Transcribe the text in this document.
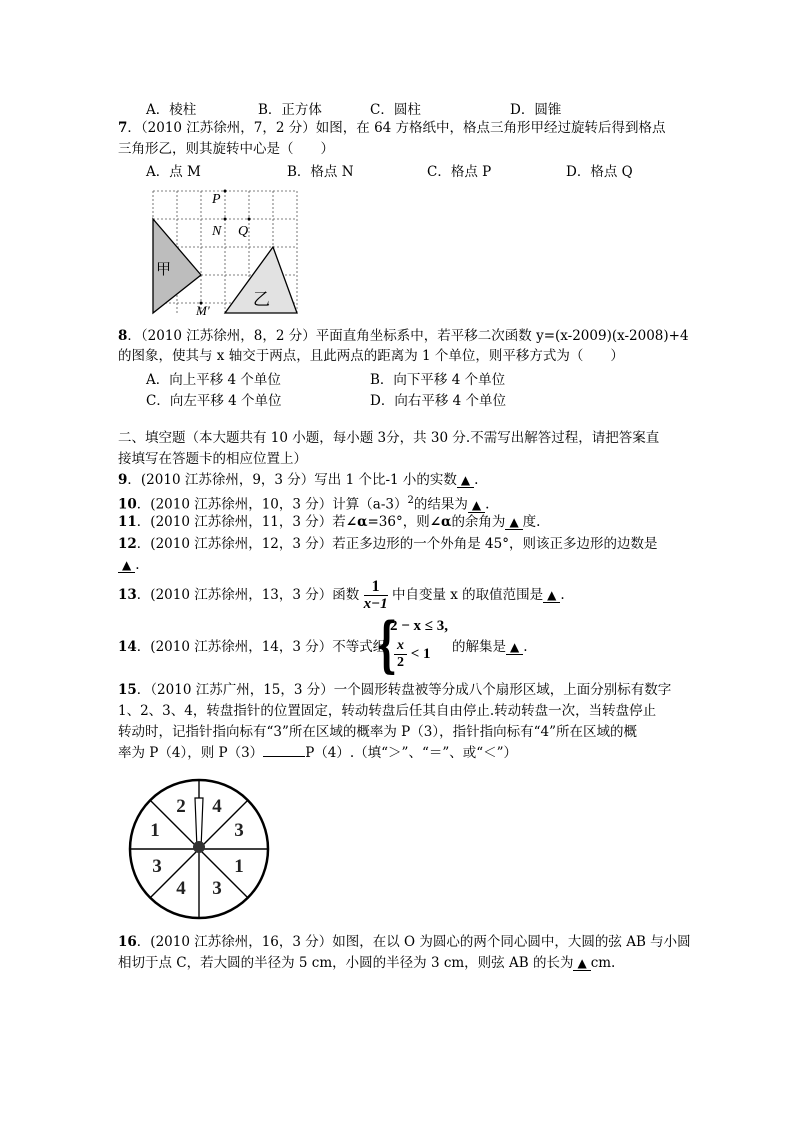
A．棱柱	B．正方体	C．圆柱	D．圆锥
7．（2010 江苏徐州，7，2 分）如图，在 64 方格纸中，格点三角形甲经过旋转后得到格点
三角形乙，则其旋转中心是（　　）
A．点 M	B．格点 N	C．格点 P	D．格点 Q
P
N Q
甲
乙
M'
8．（2010 江苏徐州，8，2 分）平面直角坐标系中，若平移二次函数 y=(x-2009)(x-2008)+4
的图象，使其与 x 轴交于两点，且此两点的距离为 1 个单位，则平移方式为（　　）
A．向上平移 4 个单位	B．向下平移 4 个单位
C．向左平移 4 个单位	D．向右平移 4 个单位
二、填空题（本大题共有 10 小题，每小题 3分，共 30 分.不需写出解答过程，请把答案直
接填写在答题卡的相应位置上）
9．(2010 江苏徐州，9，3 分）写出 1 个比-1 小的实数 ▲ .
10．(2010 江苏徐州，10，3 分）计算$(a-3)^2$的结果为 ▲ .
11．(2010 江苏徐州，11，3 分）若∠α=36°，则∠α的余角为 ▲ 度.
12．(2010 江苏徐州，12，3 分）若正多边形的一个外角是 45°，则该正多边形的边数是
▲ .
13．(2010 江苏徐州，13，3 分）函数 $\frac{1}{x-1}$ 中自变量 x 的取值范围是 ▲ .
14．(2010 江苏徐州，14，3 分）不等式组
{
2 − x ≤ 3,
$\frac{x}{2} < 1$ 的解集是 ▲ .
15．（2010 江苏广州，15，3 分）一个圆形转盘被等分成八个扇形区域，上面分别标有数字
1、2、3、4，转盘指针的位置固定，转动转盘后任其自由停止.转动转盘一次，当转盘停止
转动时，记指针指向标有“3”所在区域的概率为 P（3），指针指向标有“4”所在区域的概
率为 P（4），则 P（3）	P（4）.（填“＞”、“＝”、或“＜”）
2 4
3
1
3
4
3
1
16．(2010 江苏徐州，16，3 分）如图，在以 O 为圆心的两个同心圆中，大圆的弦 AB 与小圆
相切于点 C，若大圆的半径为 5 cm，小圆的半径为 3 cm，则弦 AB 的长为 ▲ cm.
